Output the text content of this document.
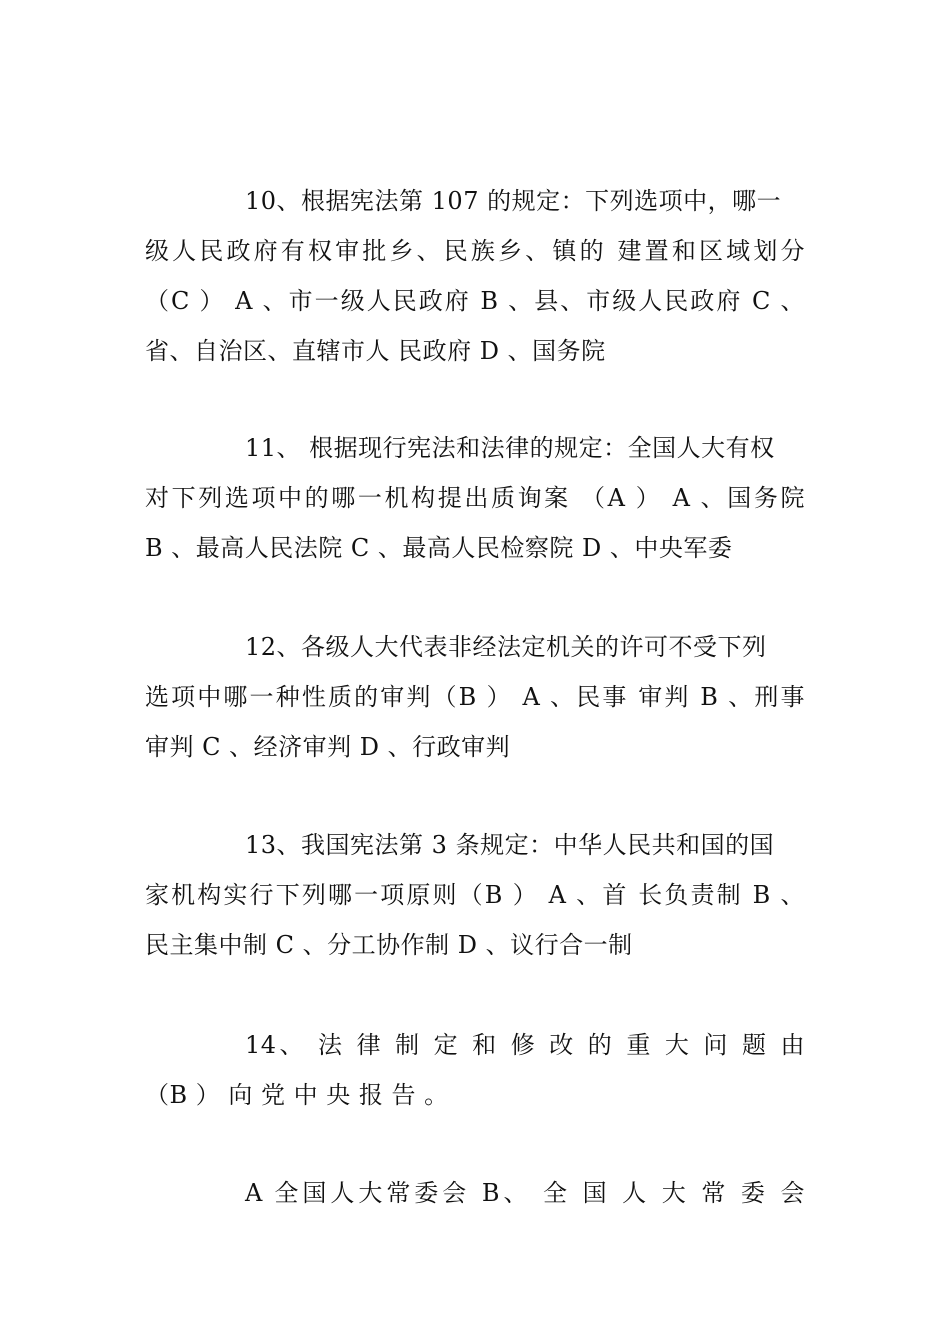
10、根据宪法第 107 的规定：下列选项中，哪一
级人民政府有权审批乡、民族乡、镇的 建置和区域划分
（C ） A 、市一级人民政府 B 、县、市级人民政府 C 、
省、自治区、直辖市人 民政府 D 、国务院
11、 根据现行宪法和法律的规定：全国人大有权
对下列选项中的哪一机构提出质询案 （A ） A 、国务院
B 、最高人民法院 C 、最高人民检察院 D 、中央军委
12、各级人大代表非经法定机关的许可不受下列
选项中哪一种性质的审判（B ） A 、民事 审判 B 、刑事
审判 C 、经济审判 D 、行政审判
13、我国宪法第 3 条规定：中华人民共和国的国
家机构实行下列哪一项原则（B ） A 、首 长负责制 B 、
民主集中制 C 、分工协作制 D 、议行合一制
14、 法 律 制 定 和 修 改 的 重 大 问 题 由
（B ） 向 党 中 央 报 告 。
A 全国人大常委会 B、 全 国 人 大 常 委 会
